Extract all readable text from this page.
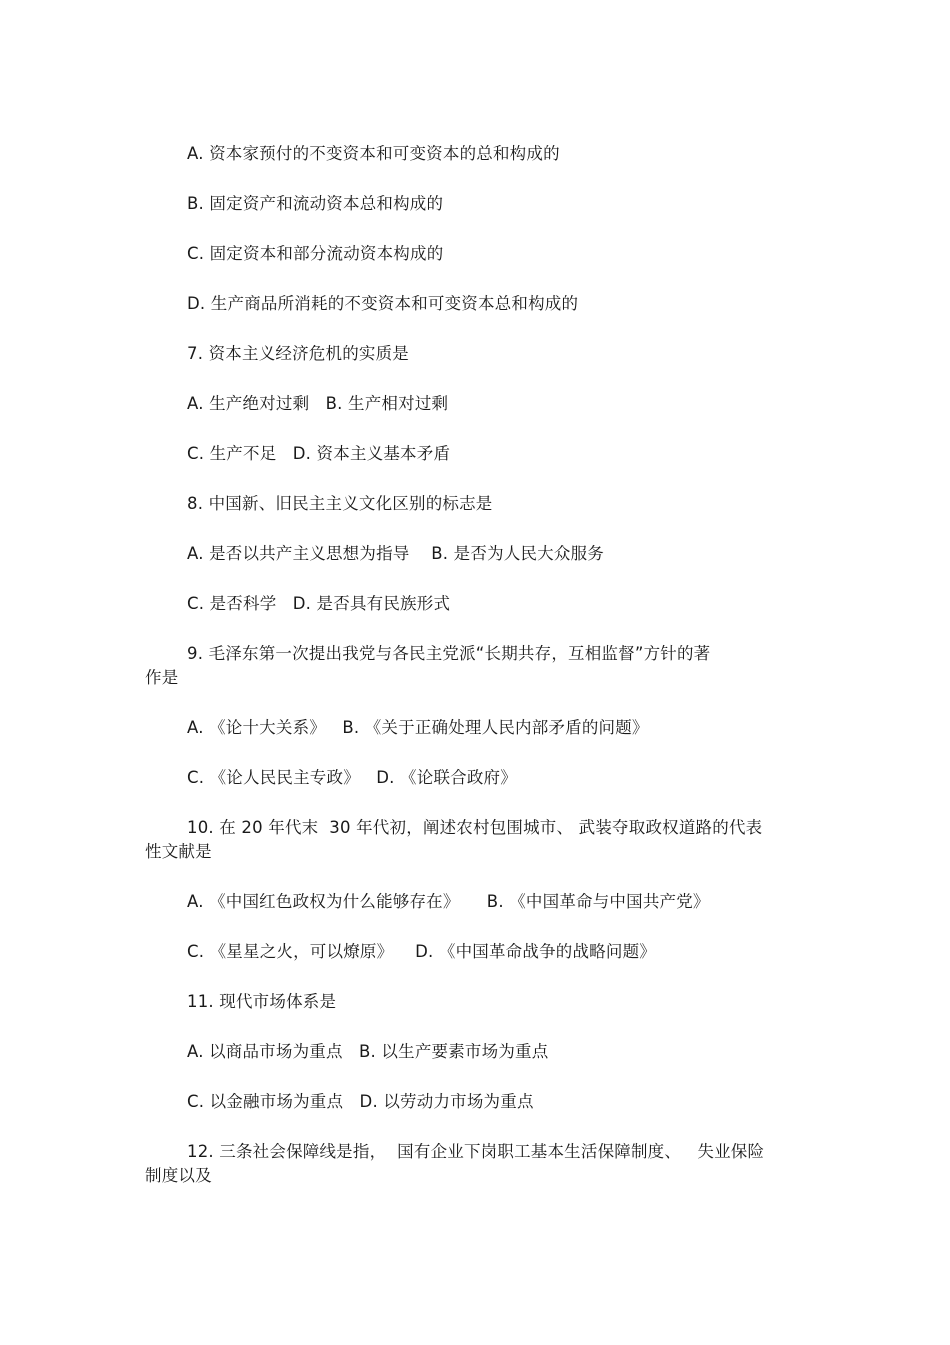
A. 资本家预付的不变资本和可变资本的总和构成的
B. 固定资产和流动资本总和构成的
C. 固定资本和部分流动资本构成的
D. 生产商品所消耗的不变资本和可变资本总和构成的
7. 资本主义经济危机的实质是
A. 生产绝对过剩   B. 生产相对过剩
C. 生产不足   D. 资本主义基本矛盾
8. 中国新、旧民主主义文化区别的标志是
A. 是否以共产主义思想为指导    B. 是否为人民大众服务
C. 是否科学   D. 是否具有民族形式
9. 毛泽东第一次提出我党与各民主党派“长期共存，互相监督”方针的著
作是
A. 《论十大关系》   B. 《关于正确处理人民内部矛盾的问题》
C. 《论人民民主专政》   D. 《论联合政府》
10. 在 20 年代末  30 年代初，阐述农村包围城市、 武装夺取政权道路的代表
性文献是
A. 《中国红色政权为什么能够存在》     B. 《中国革命与中国共产党》
C. 《星星之火，可以燎原》    D. 《中国革命战争的战略问题》
11. 现代市场体系是
A. 以商品市场为重点   B. 以生产要素市场为重点
C. 以金融市场为重点   D. 以劳动力市场为重点
12. 三条社会保障线是指，  国有企业下岗职工基本生活保障制度、   失业保险
制度以及
